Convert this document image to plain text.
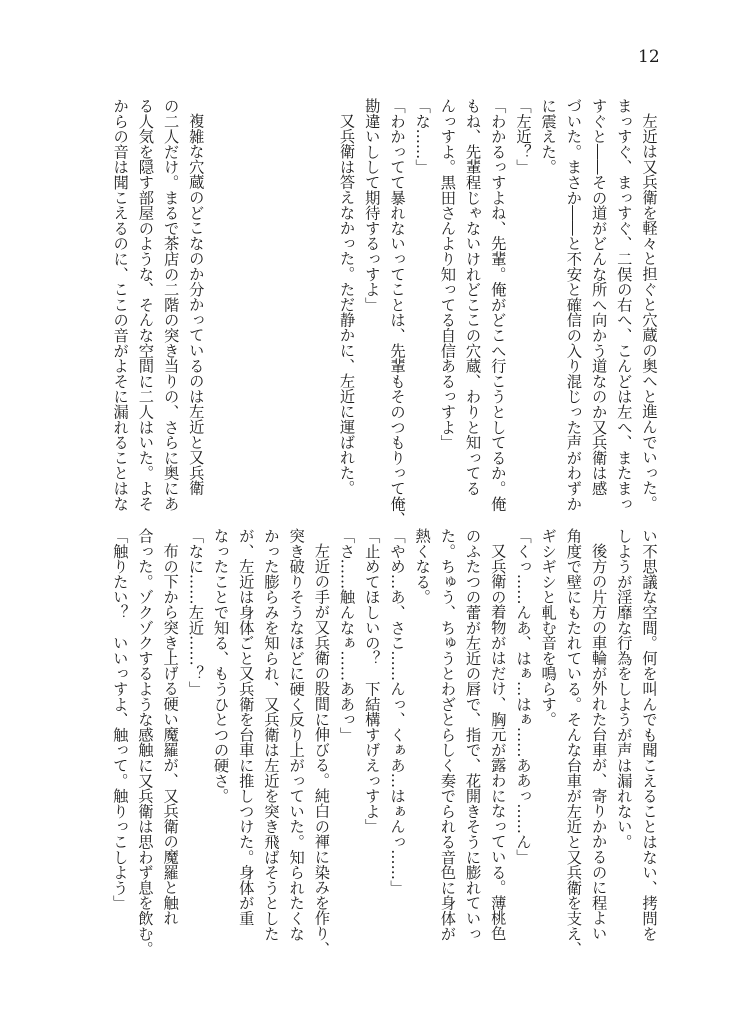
12
左近は又兵衛を軽々と担ぐと穴蔵の奥へと進んでいった。
まっすぐ、まっすぐ、二俣の右へ、こんどは左へ、またまっ
すぐと――その道がどんな所へ向かう道なのか又兵衛は感
づいた。まさか――と不安と確信の入り混じった声がわずか
に震えた。
「左近？」
「わかるっすよね、先輩。俺がどこへ行こうとしてるか。俺
もね、先輩程じゃないけれどここの穴蔵、わりと知ってる
んっすよ。黒田さんより知ってる自信あるっすよ」
「な……」
「わかってて暴れないってことは、先輩もそのつもりって俺、
勘違いしして期待するっすよ」
又兵衛は答えなかった。ただ静かに、左近に運ばれた。
複雑な穴蔵のどこなのか分かっているのは左近と又兵衛
の二人だけ。まるで茶店の二階の突き当りの、さらに奥にあ
る人気を隠す部屋のような、そんな空間に二人はいた。よそ
からの音は聞こえるのに、ここの音がよそに漏れることはな
い不思議な空間。何を叫んでも聞こえることはない、拷問を
しようが淫靡な行為をしようが声は漏れない。
後方の片方の車輪が外れた台車が、寄りかかるのに程よい
角度で壁にもたれている。そんな台車が左近と又兵衛を支え、
ギシギシと軋む音を鳴らす。
「くっ……んあ、はぁ…はぁ……ああっ……ん」
又兵衛の着物がはだけ、胸元が露わになっている。薄桃色
のふたつの蕾が左近の唇で、指で、花開きそうに膨れていっ
た。ちゅう、ちゅうとわざとらしく奏でられる音色に身体が
熱くなる。
「やめ…あ、さこ……んっ、くぁあ…はぁんっ……」
「止めてほしいの？　下結構すげえっすよ」
「さ……触んなぁ……ああっ」
左近の手が又兵衛の股間に伸びる。純白の褌に染みを作り、
突き破りそうなほどに硬く反り上がっていた。知られたくな
かった膨らみを知られ、又兵衛は左近を突き飛ばそうとした
が、左近は身体ごと又兵衛を台車に推しつけた。身体が重
なったことで知る、もうひとつの硬さ。
「なに……左近……？」
布の下から突き上げる硬い魔羅が、又兵衛の魔羅と触れ
合った。ゾクゾクするような感触に又兵衛は思わず息を飲む。
「触りたい？　いいっすよ、触って。触りっこしよう」
